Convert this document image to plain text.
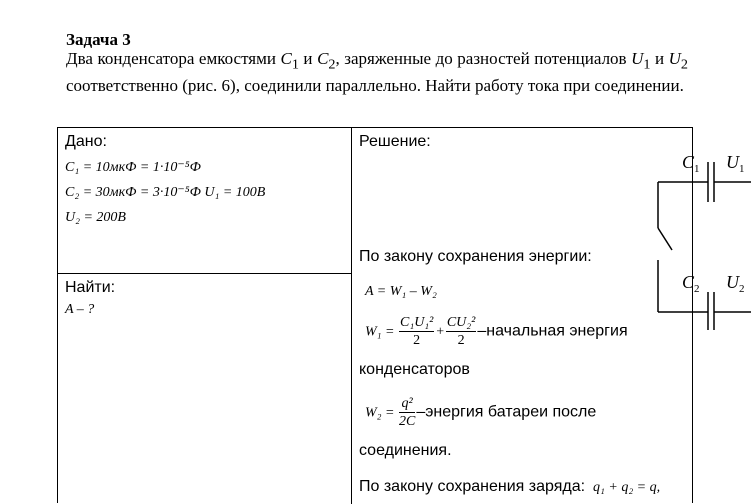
Задача 3
Два конденсатора емкостями $C_1$ и $C_2$, заряженные до разностей потенциалов $U_1$ и $U_2$ соответственно (рис. 6), соединили параллельно. Найти работу тока при соединении.
Дано:
C₁ = 10мкФ = 1·10⁻⁵Ф
C₂ = 30мкФ = 3·10⁻⁵Ф U₁ = 100B
U₂ = 200B
Найти:
A – ?
Решение:
По закону сохранения энергии:
A = W₁ – W₂
$W_1 = \frac{\text{C₁U₁²}}{2} + \frac{\text{CU₂²}}{2}$ –начальная энергия
конденсаторов
$W_2 = \frac{\text{q²}}{2C}$ –энергия батареи после
соединения.
По закону сохранения заряда: q₁ + q₂ = q,
$C_1$ $U_1$
$C_2$ $U_2$
